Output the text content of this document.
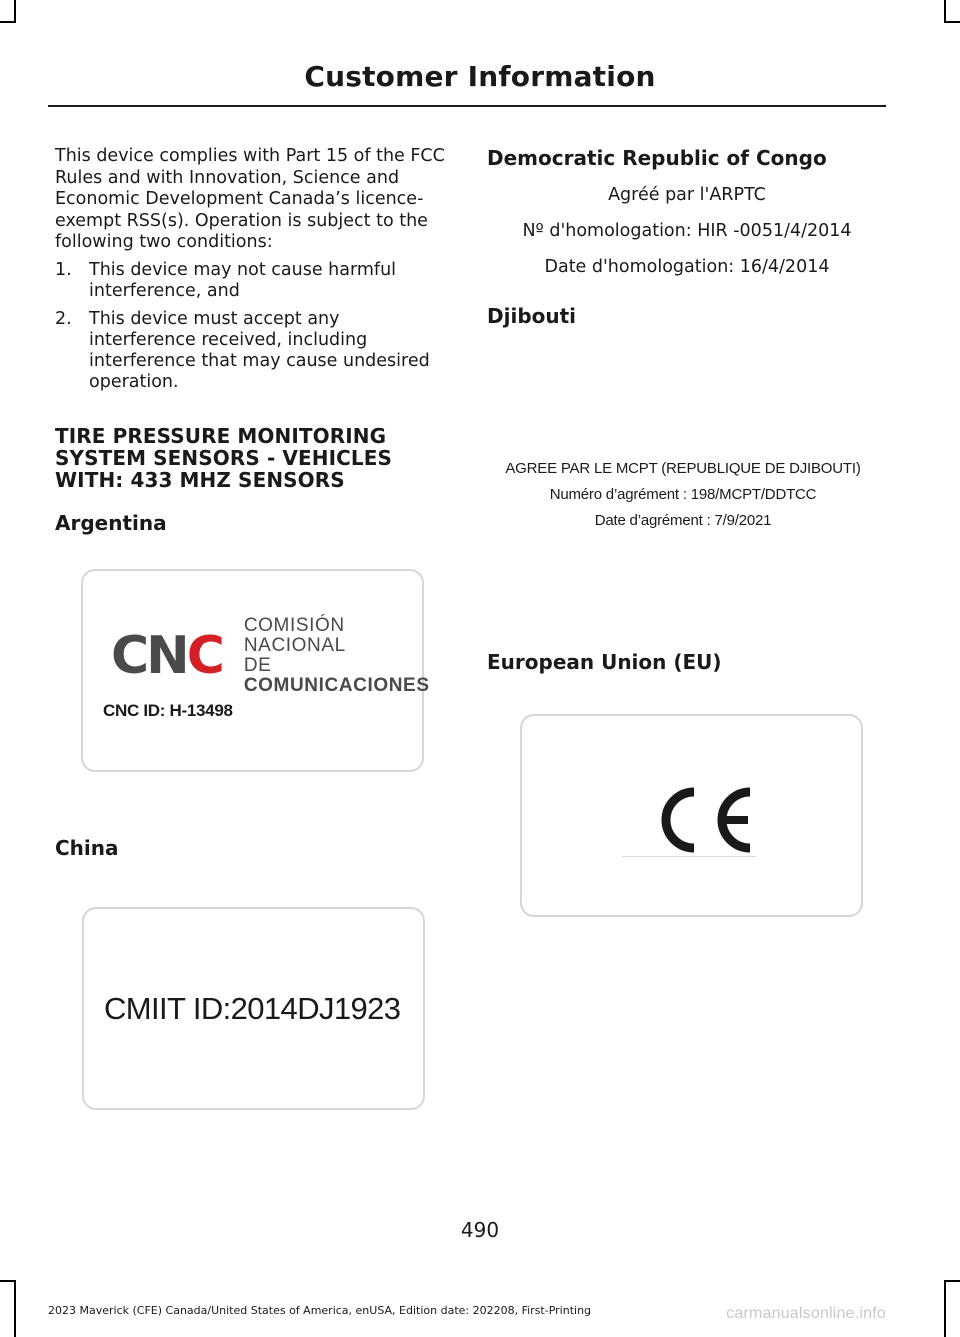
Customer Information

This device complies with Part 15 of the FCC Rules and with Innovation, Science and Economic Development Canada’s licence-exempt RSS(s). Operation is subject to the following two conditions:

1. This device may not cause harmful interference, and
2. This device must accept any interference received, including interference that may cause undesired operation.
TIRE PRESSURE MONITORING SYSTEM SENSORS - VEHICLES WITH: 433 MHZ SENSORS
Argentina
CN C
COMISIÓN NACIONAL
DE COMUNICACIONES
CNC ID: H-13498
China
CMIIT ID:2014DJ1923
Democratic Republic of Congo

Agréé par l'ARPTC

Nº d'homologation: HIR -0051/4/2014

Date d'homologation: 16/4/2014

Djibouti
AGREE PAR LE MCPT (REPUBLIQUE DE DJIBOUTI)
Numéro d’agrément : 198/MCPT/DDTCC
Date d’agrément : 7/9/2021
European Union (EU)
490
2023 Maverick (CFE) Canada/United States of America, enUSA, Edition date: 202208, First-Printing	carmanualsonline.info
